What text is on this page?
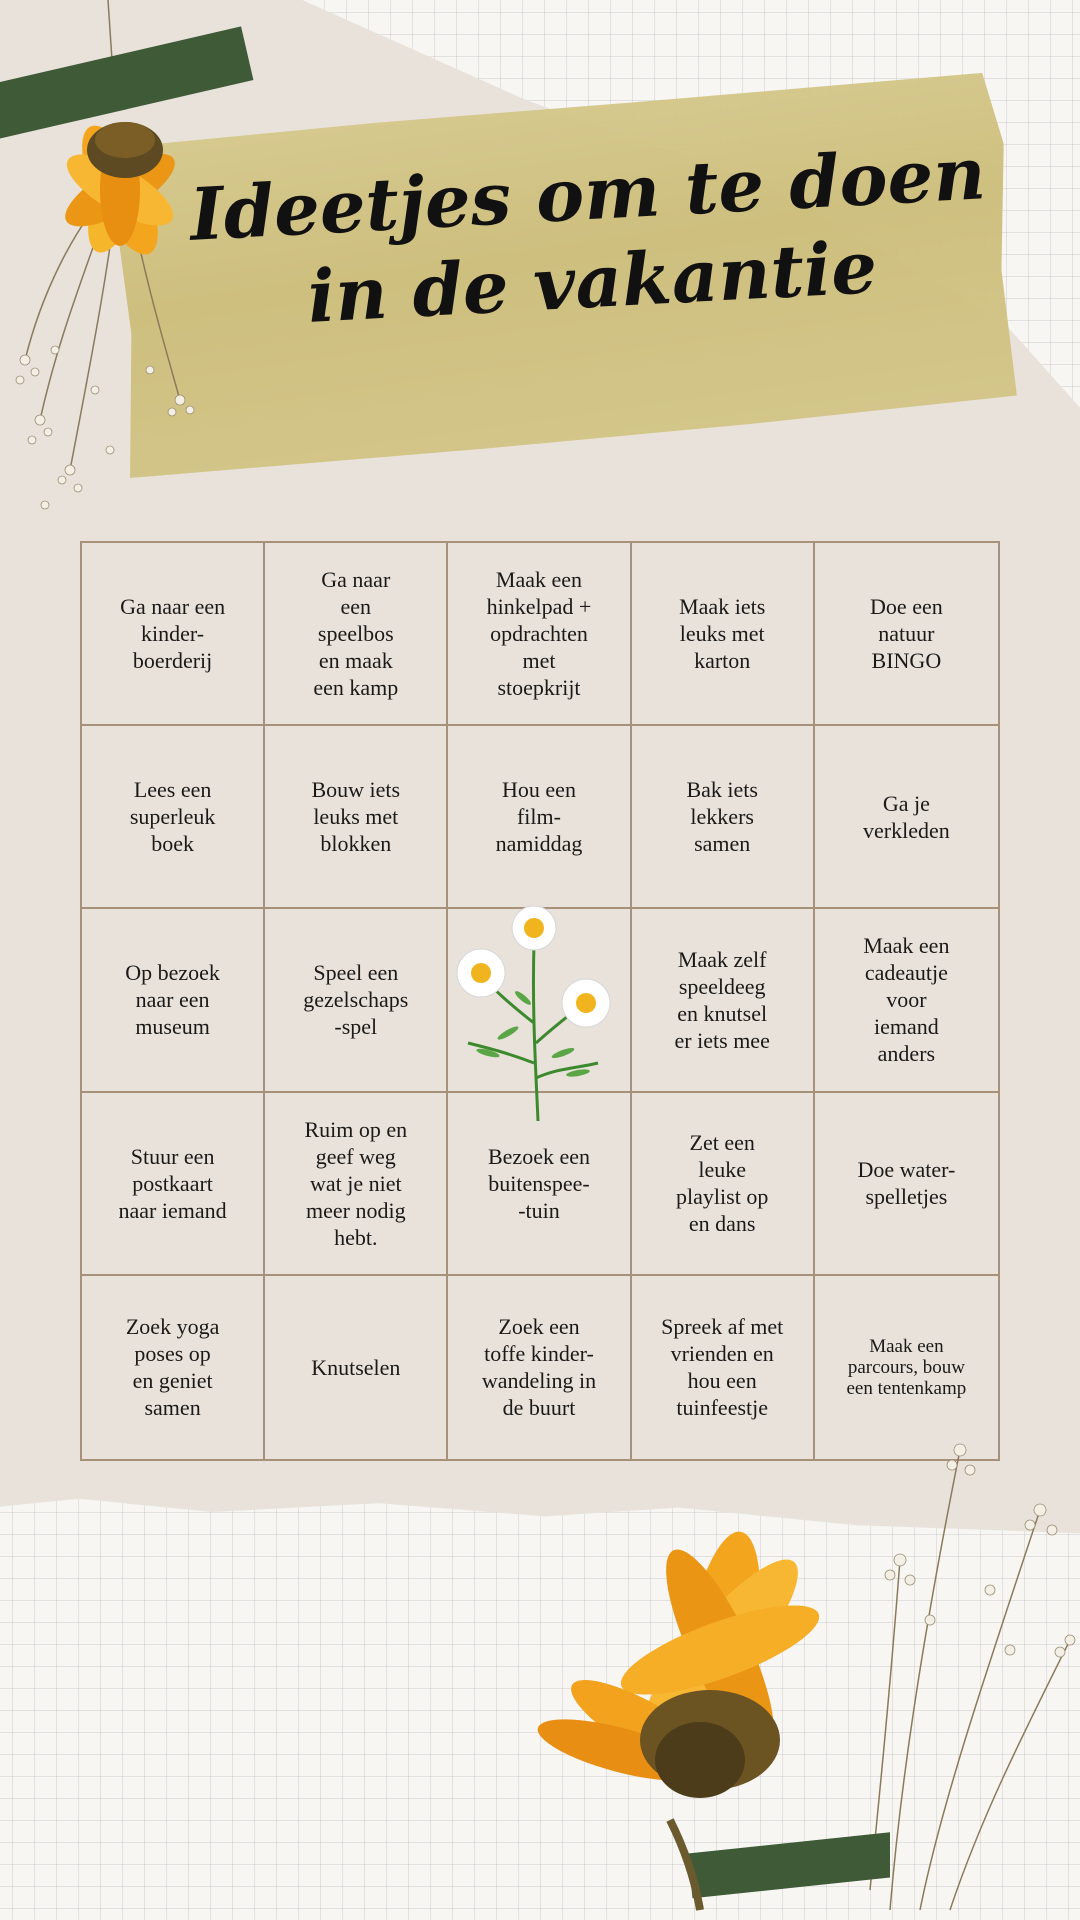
Ideetjes om te doen in de vakantie
Ga naar een
kinder-
boerderij
Ga naar
een
speelbos
en maak
een kamp
Maak een
hinkelpad +
opdrachten
met
stoepkrijt
Maak iets
leuks met
karton
Doe een
natuur
BINGO
Lees een
superleuk
boek
Bouw iets
leuks met
blokken
Hou een
film-
namiddag
Bak iets
lekkers
samen
Ga je
verkleden
Op bezoek
naar een
museum
Speel een
gezelschaps
-spel
Maak zelf
speeldeeg
en knutsel
er iets mee
Maak een
cadeautje
voor
iemand
anders
Stuur een
postkaart
naar iemand
Ruim op en
geef weg
wat je niet
meer nodig
hebt.
Bezoek een
buitenspee-
-tuin
Zet een
leuke
playlist op
en dans
Doe water-
spelletjes
Zoek yoga
poses op
en geniet
samen
Knutselen
Zoek een
toffe kinder-
wandeling in
de buurt
Spreek af met
vrienden en
hou een
tuinfeestje
Maak een
parcours, bouw
een tentenkamp
